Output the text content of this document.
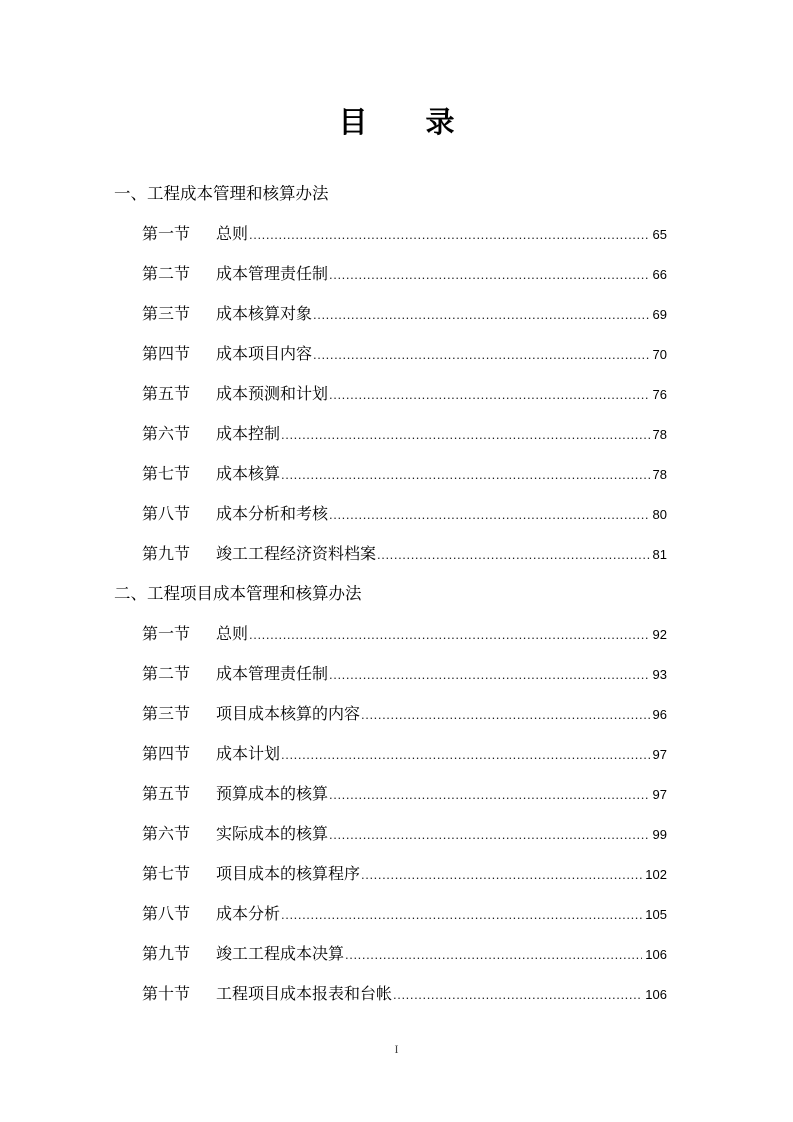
目 录
一、工程成本管理和核算办法
第一节	总则 .....	65
第二节	成本管理责任制 .....	66
第三节	成本核算对象 .....	69
第四节	成本项目内容 .....	70
第五节	成本预测和计划 .....	76
第六节	成本控制 .....	78
第七节	成本核算 .....	78
第八节	成本分析和考核 .....	80
第九节	竣工工程经济资料档案 .....	81
二、工程项目成本管理和核算办法
第一节	总则 .....	92
第二节	成本管理责任制 .....	93
第三节	项目成本核算的内容 .....	96
第四节	成本计划 .....	97
第五节	预算成本的核算 .....	97
第六节	实际成本的核算 .....	99
第七节	项目成本的核算程序 .....	102
第八节	成本分析 .....	105
第九节	竣工工程成本决算 .....	106
第十节	工程项目成本报表和台帐 .....	106
I
